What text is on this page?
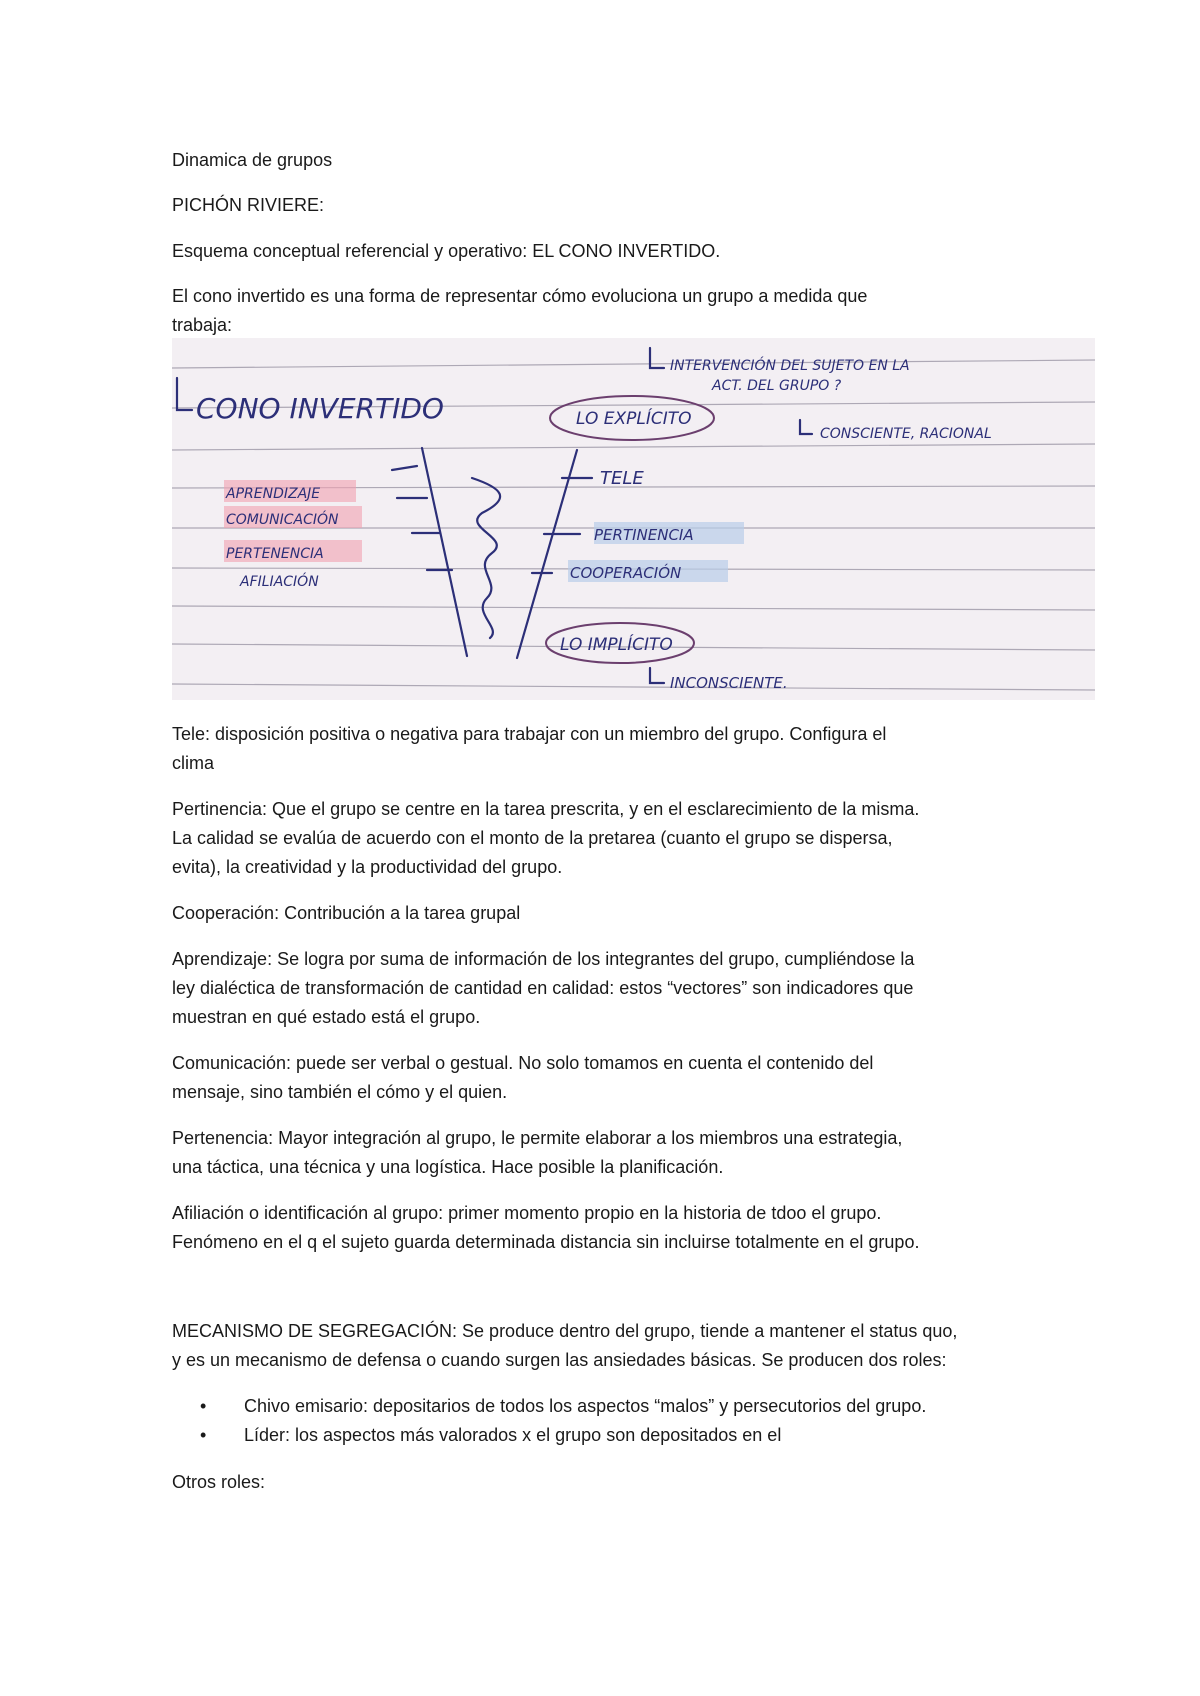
Dinamica de grupos

PICHÓN RIVIERE:

Esquema conceptual referencial y operativo: EL CONO INVERTIDO.

El cono invertido es una forma de representar cómo evoluciona un grupo a medida que

trabaja:

CONO INVERTIDO
INTERVENCIÓN DEL SUJETO EN LA
ACT. DEL GRUPO ?
LO EXPLÍCITO
CONSCIENTE, RACIONAL
APRENDIZAJE
COMUNICACIÓN
PERTENENCIA
AFILIACIÓN
TELE
PERTINENCIA
COOPERACIÓN
LO IMPLÍCITO
INCONSCIENTE.

Tele: disposición positiva o negativa para trabajar con un miembro del grupo. Configura el

clima

Pertinencia: Que el grupo se centre en la tarea prescrita, y en el esclarecimiento de la misma.

La calidad se evalúa de acuerdo con el monto de la pretarea (cuanto el grupo se dispersa,

evita), la creatividad y la productividad del grupo.

Cooperación: Contribución a la tarea grupal

Aprendizaje: Se logra por suma de información de los integrantes del grupo, cumpliéndose la

ley dialéctica de transformación de cantidad en calidad: estos “vectores” son indicadores que

muestran en qué estado está el grupo.

Comunicación: puede ser verbal o gestual. No solo tomamos en cuenta el contenido del

mensaje, sino también el cómo y el quien.

Pertenencia: Mayor integración al grupo, le permite elaborar a los miembros una estrategia,

una táctica, una técnica y una logística. Hace posible la planificación.

Afiliación o identificación al grupo: primer momento propio en la historia de tdoo el grupo.

Fenómeno en el q el sujeto guarda determinada distancia sin incluirse totalmente en el grupo.

MECANISMO DE SEGREGACIÓN: Se produce dentro del grupo, tiende a mantener el status quo,

y es un mecanismo de defensa o cuando surgen las ansiedades básicas. Se producen dos roles:

•	Chivo emisario: depositarios de todos los aspectos “malos” y persecutorios del grupo.
•	Líder: los aspectos más valorados x el grupo son depositados en el

Otros roles:
